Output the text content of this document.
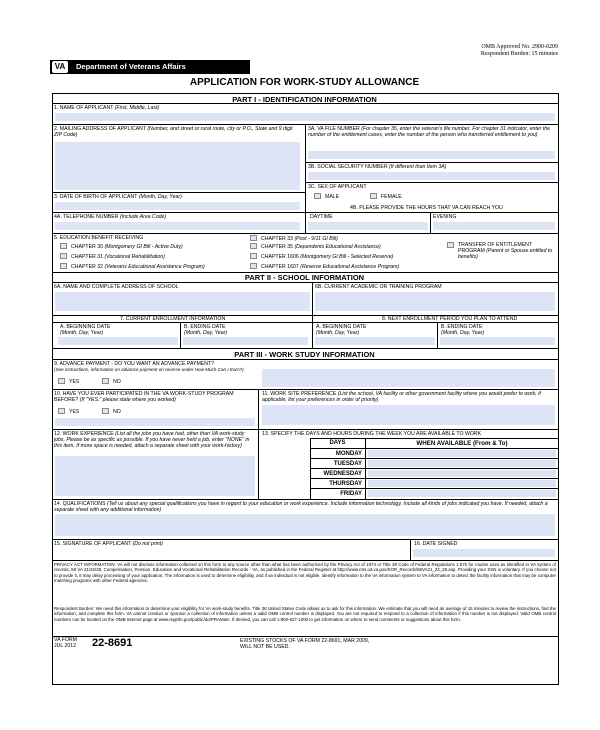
OMB Approved No. 2900-0209
Respondent Burden: 15 minutes
VA	Department of Veterans Affairs
APPLICATION FOR WORK-STUDY ALLOWANCE
PART I - IDENTIFICATION INFORMATION
1. NAME OF APPLICANT (First, Middle, Last)
2. MAILING ADDRESS OF APPLICANT (Number, and street or rural route, city or P.O., State and 9 digit ZIP Code)
3A. VA FILE NUMBER (For chapter 35, enter the veteran's file number. For chapter 31 indicator, enter the number of the entitlement cases, enter the number of the person who transferred entitlement to you)
3B. SOCIAL SECURITY NUMBER (If different than Item 3A)
3. DATE OF BIRTH OF APPLICANT (Month, Day, Year)
3C. SEX OF APPLICANT
MALE	FEMALE
4A. TELEPHONE NUMBER (Include Area Code)
4B. PLEASE PROVIDE THE HOURS THAT VA CAN REACH YOU
DAYTIME	EVENING
5. EDUCATION BENEFIT RECEIVING
CHAPTER 30 (Montgomery GI Bill - Active Duty)
CHAPTER 31 (Vocational Rehabilitation)
CHAPTER 32 (Veterans Educational Assistance Program)
CHAPTER 33 (Post - 9/11 GI Bill)
CHAPTER 35 (Dependents Educational Assistance)
CHAPTER 1606 (Montgomery GI Bill - Selected Reserve)
CHAPTER 1607 (Reserve Educational Assistance Program)
TRANSFER OF ENTITLEMENT PROGRAM (Parent or Spouse entitled to benefits)
PART II - SCHOOL INFORMATION
6A. NAME AND COMPLETE ADDRESS OF SCHOOL	6B. CURRENT ACADEMIC OR TRAINING PROGRAM
7. CURRENT ENROLLMENT INFORMATION	8. NEXT ENROLLMENT PERIOD YOU PLAN TO ATTEND
A. BEGINNING DATE
(Month, Day, Year)
B. ENDING DATE
(Month, Day, Year)
A. BEGINNING DATE
(Month, Day, Year)
B. ENDING DATE
(Month, Day, Year)
PART III - WORK STUDY INFORMATION
9. ADVANCE PAYMENT - DO YOU WANT AN ADVANCE PAYMENT?
(See instructions, information on advance payment on reverse under How Much Can I Earn?)
YES	NO
10. HAVE YOU EVER PARTICIPATED IN THE VA WORK-STUDY PROGRAM BEFORE? (If "YES," please state where you worked)
YES	NO
11. WORK SITE PREFERENCE (List the school, VA facility or other government facility where you would prefer to work, if applicable, list your preferences in order of priority)
12. WORK EXPERIENCE (List all the jobs you have had, other than VA work-study jobs. Please be as specific as possible. If you have never held a job, enter "NONE" in this item. If more space is needed, attach a separate sheet with your work-history)
13. SPECIFY THE DAYS AND HOURS DURING THE WEEK YOU ARE AVAILABLE TO WORK
DAYS	WHEN AVAILABLE (From & To)
MONDAY
TUESDAY
WEDNESDAY
THURSDAY
FRIDAY
14. QUALIFICATIONS (Tell us about any special qualifications you have in regard to your education or work experience. Include information technology. Include all kinds of jobs indicated you have. If needed, attach a separate sheet with any additional information)
15. SIGNATURE OF APPLICANT (Do not print)	16. DATE SIGNED
PRIVACY ACT INFORMATION: VA will not disclose information collected on this form to any source other than what has been authorized by the Privacy Act of 1974 or Title 38 Code of Federal Regulations 1.576 for routine uses as identified in VA system of records, 58 VA 21/22/28, Compensation, Pension, Education and Vocational Rehabilitation Records - VA, as published in the Federal Register at http://www.rms.oit.va.gov/SOR_Records/58VA21_22_28.asp. Providing your SSN is voluntary. If you choose not to provide it, it may delay processing of your application. The information is used to determine eligibility, and if an individual is not eligible, identify information to the VA information system to VA information to detect the facility information that may be computer matching programs with other Federal agencies.
Respondent Burden: We need this information to determine your eligibility for VA work-study benefits. Title 38 United States Code allows us to ask for this information. We estimate that you will need an average of 15 minutes to review the instructions, find the information, and complete this form. VA cannot conduct or sponsor a collection of information unless a valid OMB control number is displayed. You are not required to respond to a collection of information if this number is not displayed. Valid OMB control numbers can be located on the OMB Internet page at www.reginfo.gov/public/do/PRAMain. If desired, you can call 1-800-827-1000 to get information on where to send comments or suggestions about this form.
VA FORM
JUL 2012 22-8691	EXISTING STOCKS OF VA FORM 22-8691, MAR 2009,
WILL NOT BE USED.
